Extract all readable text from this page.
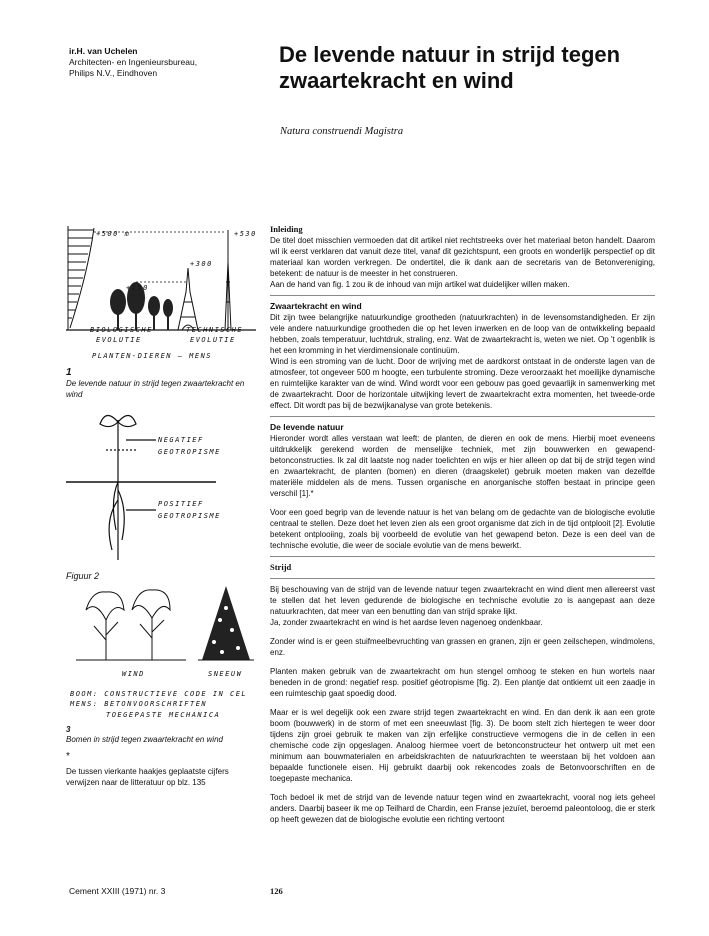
ir.H. van Uchelen
Architecten- en Ingenieursbureau,
Philips N.V., Eindhoven
De levende natuur in strijd tegen zwaartekracht en wind
Natura construendi Magistra
+500 m	+530
+300
+150
BIOLOGISCHE
EVOLUTIE
TECHNISCHE
EVOLUTIE
PLANTEN-DIEREN — MENS
1
De levende natuur in strijd tegen zwaartekracht en wind
NEGATIEF
GEOTROPISME
POSITIEF
GEOTROPISME
Figuur 2
WIND	SNEEUW
BOOM: CONSTRUCTIEVE CODE IN CEL
MENS: BETONVOORSCHRIFTEN
TOEGEPASTE MECHANICA
3
Bomen in strijd tegen zwaartekracht en wind
*
De tussen vierkante haakjes geplaatste cijfers verwijzen naar de litteratuur op blz. 135
Inleiding

De titel doet misschien vermoeden dat dit artikel niet rechtstreeks over het materiaal beton handelt. Daarom wil ik eerst verklaren dat vanuit deze titel, vanaf dit gezichtspunt, een groots en wonderlijk perspectief op dit materiaal kan worden verkregen. De ondertitel, die ik dank aan de secretaris van de Betonvereniging, betekent: de natuur is de meester in het construeren.

Aan de hand van fig. 1 zou ik de inhoud van mijn artikel wat duidelijker willen maken.

Zwaartekracht en wind

Dit zijn twee belangrijke natuurkundige grootheden (natuurkrachten) in de levensomstandigheden. Er zijn vele andere natuurkundige grootheden die op het leven inwerken en de loop van de ontwikkeling bepaald hebben, zoals temperatuur, luchtdruk, straling, enz. Wat de zwaartekracht is, weten we niet. Op 't ogenblik is het een kromming in het vierdimensionale continuüm.

Wind is een stroming van de lucht. Door de wrijving met de aardkorst ontstaat in de onderste lagen van de atmosfeer, tot ongeveer 500 m hoogte, een turbulente stroming. Deze veroorzaakt het moeilijke dynamische en ruimtelijke karakter van de wind. Wind wordt voor een gebouw pas goed gevaarlijk in samenwerking met de zwaartekracht. Door de horizontale uitwijking levert de zwaartekracht extra momenten, het tweede-orde effect. Dit wordt pas bij de bezwijkanalyse van grote betekenis.

De levende natuur

Hieronder wordt alles verstaan wat leeft: de planten, de dieren en ook de mens. Hierbij moet eveneens uitdrukkelijk gerekend worden de menselijke techniek, met zijn bouwwerken en gewapend-betonconstructies. Ik zal dit laatste nog nader toelichten en wijs er hier alleen op dat bij de strijd tegen wind en zwaartekracht, de planten (bomen) en dieren (draagskelet) gebruik moeten maken van dezelfde materiële middelen als de mens. Tussen organische en anorganische stoffen bestaat in principe geen verschil [1].*

Voor een goed begrip van de levende natuur is het van belang om de gedachte van de biologische evolutie centraal te stellen. Deze doet het leven zien als een groot organisme dat zich in de tijd ontplooit [2]. Evolutie betekent ontplooiing, zoals bij voorbeeld de evolutie van het gewapend beton. Deze is een deel van de technische evolutie, die weer de sociale evolutie van de mens bewerkt.

Strijd

Bij beschouwing van de strijd van de levende natuur tegen zwaartekracht en wind dient men allereerst vast te stellen dat het leven gedurende de biologische en technische evolutie zo is aangepast aan deze natuurkrachten, dat meer van een benutting dan van strijd sprake lijkt.

Ja, zonder zwaartekracht en wind is het aardse leven nagenoeg ondenkbaar.

Zonder wind is er geen stuifmeelbevruchting van grassen en granen, zijn er geen zeilschepen, windmolens, enz.

Planten maken gebruik van de zwaartekracht om hun stengel omhoog te steken en hun wortels naar beneden in de grond: negatief resp. positief géotropisme [fig. 2). Een plantje dat ontkiemt uit een zaadje in een ruimteschip gaat spoedig dood.

Maar er is wel degelijk ook een zware strijd tegen zwaartekracht en wind. En dan denk ik aan een grote boom (bouwwerk) in de storm of met een sneeuwlast [fig. 3). De boom stelt zich hiertegen te weer door tijdens zijn groei gebruik te maken van zijn erfelijke constructieve vermogens die in de cellen in een chemische code zijn opgeslagen. Analoog hiermee voert de betonconstructeur het ontwerp uit met een minimum aan bouwmaterialen en arbeidskrachten de natuurkrachten te weerstaan bij het voldoen aan bepaalde functionele eisen. Hij gebruikt daarbij ook rekencodes zoals de Betonvoorschriften en de toegepaste mechanica.

Toch bedoel ik met de strijd van de levende natuur tegen wind en zwaartekracht, vooral nog iets geheel anders. Daarbij baseer ik me op Teilhard de Chardin, een Franse jezuïet, beroemd paleontoloog, die er sterk op heeft gewezen dat de biologische evolutie een richting vertoont

Cement XXIII (1971) nr. 3	126
